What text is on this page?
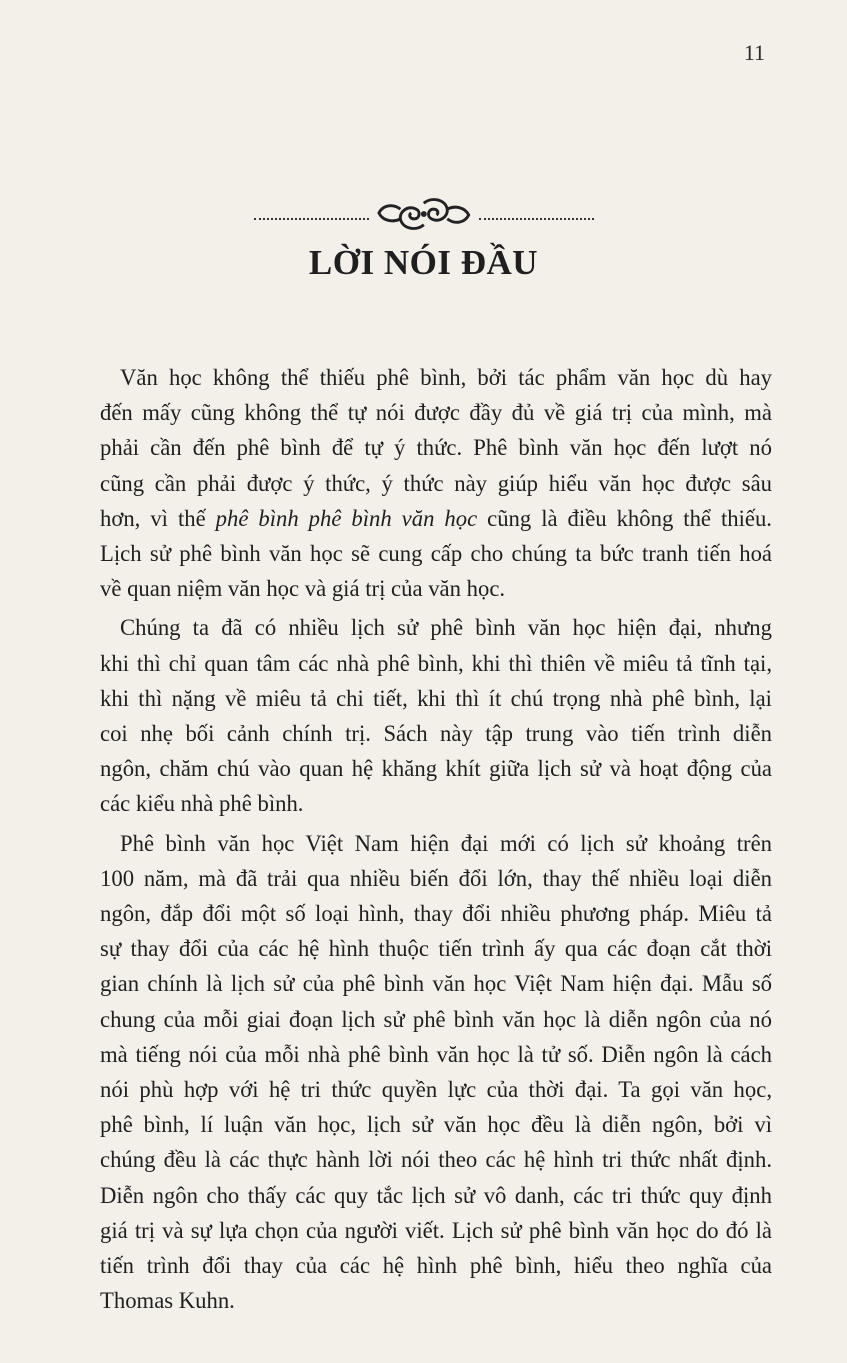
11
LỜI NÓI ĐẦU
Văn học không thể thiếu phê bình, bởi tác phẩm văn học dù hay
đến mấy cũng không thể tự nói được đầy đủ về giá trị của mình, mà
phải cần đến phê bình để tự ý thức. Phê bình văn học đến lượt nó
cũng cần phải được ý thức, ý thức này giúp hiểu văn học được sâu
hơn, vì thế phê bình phê bình văn học cũng là điều không thể thiếu.
Lịch sử phê bình văn học sẽ cung cấp cho chúng ta bức tranh tiến hoá
về quan niệm văn học và giá trị của văn học.
Chúng ta đã có nhiều lịch sử phê bình văn học hiện đại, nhưng
khi thì chỉ quan tâm các nhà phê bình, khi thì thiên về miêu tả tĩnh tại,
khi thì nặng về miêu tả chi tiết, khi thì ít chú trọng nhà phê bình, lại
coi nhẹ bối cảnh chính trị. Sách này tập trung vào tiến trình diễn
ngôn, chăm chú vào quan hệ khăng khít giữa lịch sử và hoạt động của
các kiểu nhà phê bình.
Phê bình văn học Việt Nam hiện đại mới có lịch sử khoảng trên
100 năm, mà đã trải qua nhiều biến đổi lớn, thay thế nhiều loại diễn
ngôn, đắp đổi một số loại hình, thay đổi nhiều phương pháp. Miêu tả
sự thay đổi của các hệ hình thuộc tiến trình ấy qua các đoạn cắt thời
gian chính là lịch sử của phê bình văn học Việt Nam hiện đại. Mẫu số
chung của mỗi giai đoạn lịch sử phê bình văn học là diễn ngôn của nó
mà tiếng nói của mỗi nhà phê bình văn học là tử số. Diễn ngôn là cách
nói phù hợp với hệ tri thức quyền lực của thời đại. Ta gọi văn học,
phê bình, lí luận văn học, lịch sử văn học đều là diễn ngôn, bởi vì
chúng đều là các thực hành lời nói theo các hệ hình tri thức nhất định.
Diễn ngôn cho thấy các quy tắc lịch sử vô danh, các tri thức quy định
giá trị và sự lựa chọn của người viết. Lịch sử phê bình văn học do đó là
tiến trình đổi thay của các hệ hình phê bình, hiểu theo nghĩa của
Thomas Kuhn.
